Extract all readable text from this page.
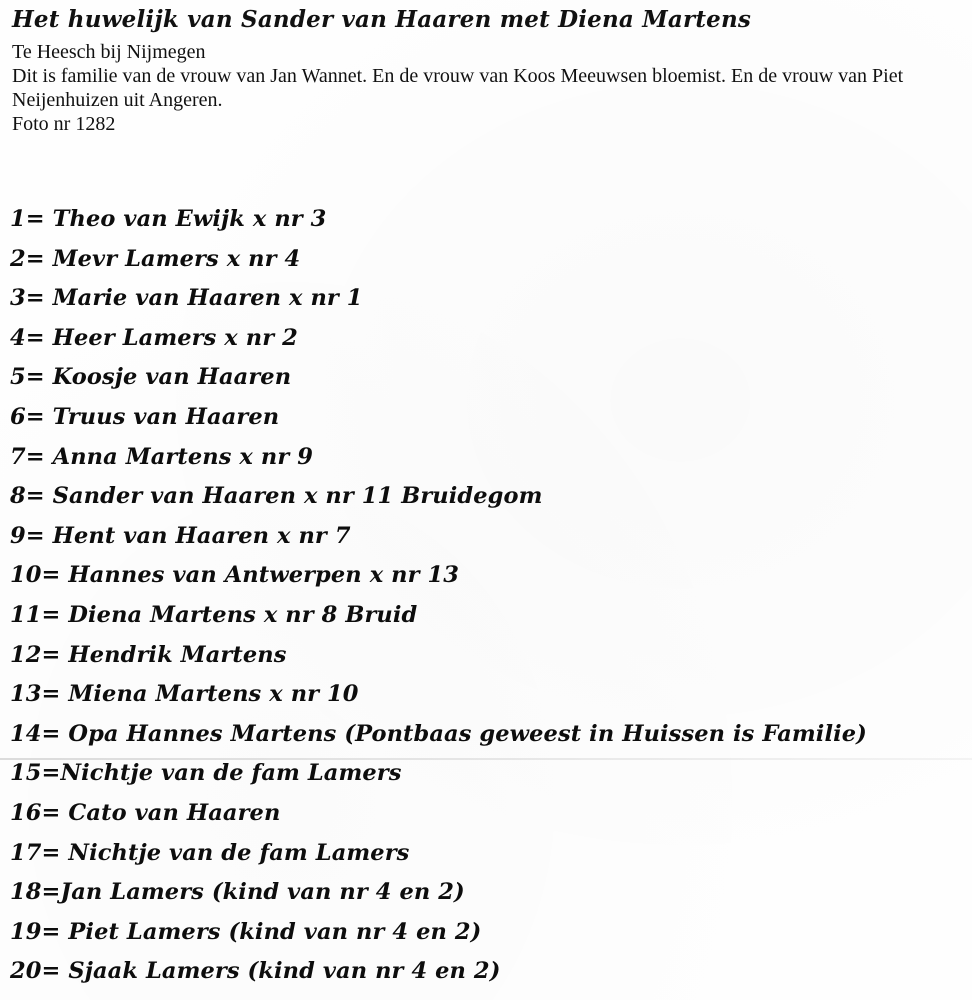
Het huwelijk van Sander van Haaren met Diena Martens

Te Heesch bij Nijmegen

Dit is familie van de vrouw van Jan Wannet. En de vrouw van Koos Meeuwsen bloemist. En de vrouw van Piet Neijenhuizen uit Angeren.

Foto nr 1282

1= Theo van Ewijk x nr 3
2= Mevr Lamers x nr 4
3= Marie van Haaren x nr 1
4= Heer Lamers x nr 2
5= Koosje van Haaren
6= Truus van Haaren
7= Anna Martens x nr 9
8= Sander van Haaren x nr 11 Bruidegom
9= Hent van Haaren x nr 7
10= Hannes van Antwerpen x nr 13
11= Diena Martens x nr 8 Bruid
12= Hendrik Martens
13= Miena Martens x nr 10
14= Opa Hannes Martens (Pontbaas geweest in Huissen is Familie)
15=Nichtje van de fam Lamers
16= Cato van Haaren
17= Nichtje van de fam Lamers
18=Jan Lamers (kind van nr 4 en 2)
19= Piet Lamers (kind van nr 4 en 2)
20= Sjaak Lamers (kind van nr 4 en 2)
